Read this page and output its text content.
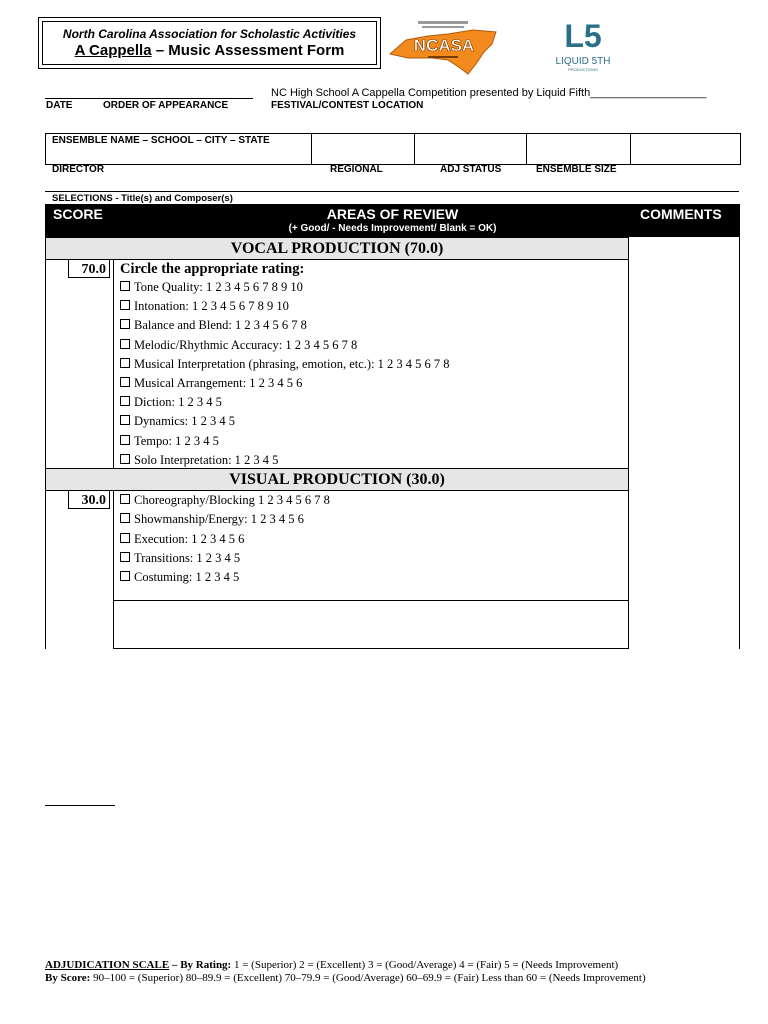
North Carolina Association for Scholastic Activities
A Cappella – Music Assessment Form	NCASA	L5
LIQUID 5TH
PRODUCTIONS
NC High School A Cappella Competition presented by Liquid Fifth___________________
DATE	ORDER OF APPEARANCE	FESTIVAL/CONTEST LOCATION
ENSEMBLE NAME – SCHOOL – CITY – STATE
DIRECTOR	REGIONAL	ADJ STATUS	ENSEMBLE SIZE
SELECTIONS - Title(s) and Composer(s)
SCORE	AREAS OF REVIEW	COMMENTS
(+ Good/ - Needs Improvement/ Blank = OK)
VOCAL PRODUCTION (70.0)
70.0 Circle the appropriate rating:
Tone Quality: 1 2 3 4 5 6 7 8 9 10
Intonation: 1 2 3 4 5 6 7 8 9 10
Balance and Blend: 1 2 3 4 5 6 7 8
Melodic/Rhythmic Accuracy: 1 2 3 4 5 6 7 8
Musical Interpretation (phrasing, emotion, etc.): 1 2 3 4 5 6 7 8
Musical Arrangement: 1 2 3 4 5 6
Diction: 1 2 3 4 5
Dynamics: 1 2 3 4 5
Tempo: 1 2 3 4 5
Solo Interpretation: 1 2 3 4 5
VISUAL PRODUCTION (30.0)
30.0	Choreography/Blocking 1 2 3 4 5 6 7 8
Showmanship/Energy: 1 2 3 4 5 6
Execution: 1 2 3 4 5 6
Transitions: 1 2 3 4 5
Costuming: 1 2 3 4 5
ADJUDICATION SCALE – By Rating: 1 = (Superior) 2 = (Excellent) 3 = (Good/Average) 4 = (Fair) 5 = (Needs Improvement)
By Score: 90–100 = (Superior) 80–89.9 = (Excellent) 70–79.9 = (Good/Average) 60–69.9 = (Fair) Less than 60 = (Needs Improvement)
